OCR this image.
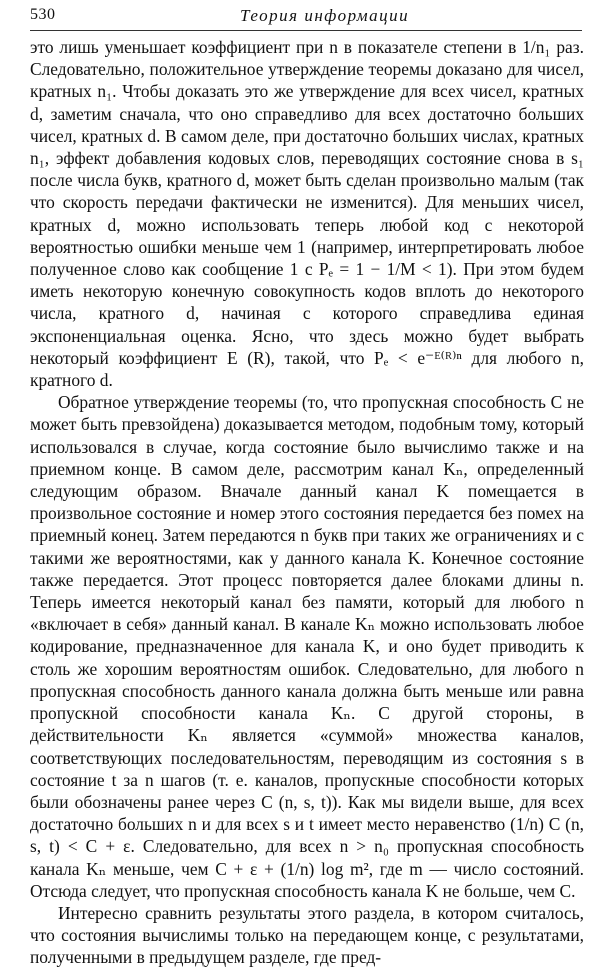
530	Теория информации

это лишь уменьшает коэффициент при n в показателе степени в 1/n₁ раз. Следовательно, положительное утверждение теоремы доказано для чисел, кратных n₁. Чтобы доказать это же утверждение для всех чисел, кратных d, заметим сначала, что оно справедливо для всех достаточно больших чисел, кратных d. В самом деле, при достаточно больших числах, кратных n₁, эффект добавления кодовых слов, переводящих состояние снова в s₁ после числа букв, кратного d, может быть сделан произвольно малым (так что скорость передачи фактически не изменится). Для меньших чисел, кратных d, можно использовать теперь любой код с некоторой вероятностью ошибки меньше чем 1 (например, интерпретировать любое полученное слово как сообщение 1 с Pₑ = 1 − 1/M < 1). При этом будем иметь некоторую конечную совокупность кодов вплоть до некоторого числа, кратного d, начиная с которого справедлива единая экспоненциальная оценка. Ясно, что здесь можно будет выбрать некоторый коэффициент E (R), такой, что Pₑ < e⁻ᴱ⁽ᴿ⁾ⁿ для любого n, кратного d.

Обратное утверждение теоремы (то, что пропускная способность C не может быть превзойдена) доказывается методом, подобным тому, который использовался в случае, когда состояние было вычислимо также и на приемном конце. В самом деле, рассмотрим канал Kₙ, определенный следующим образом. Вначале данный канал K помещается в произвольное состояние и номер этого состояния передается без помех на приемный конец. Затем передаются n букв при таких же ограничениях и с такими же вероятностями, как у данного канала K. Конечное состояние также передается. Этот процесс повторяется далее блоками длины n. Теперь имеется некоторый канал без памяти, который для любого n «включает в себя» данный канал. В канале Kₙ можно использовать любое кодирование, предназначенное для канала K, и оно будет приводить к столь же хорошим вероятностям ошибок. Следовательно, для любого n пропускная способность данного канала должна быть меньше или равна пропускной способности канала Kₙ. С другой стороны, в действительности Kₙ является «суммой» множества каналов, соответствующих последовательностям, переводящим из состояния s в состояние t за n шагов (т. е. каналов, пропускные способности которых были обозначены ранее через C (n, s, t)). Как мы видели выше, для всех достаточно больших n и для всех s и t имеет место неравенство (1/n) C (n, s, t) < C + ε. Следовательно, для всех n > n₀ пропускная способность канала Kₙ меньше, чем C + ε + (1/n) log m², где m — число состояний. Отсюда следует, что пропускная способность канала K не больше, чем C.

Интересно сравнить результаты этого раздела, в котором считалось, что состояния вычислимы только на передающем конце, с результатами, полученными в предыдущем разделе, где пред-
